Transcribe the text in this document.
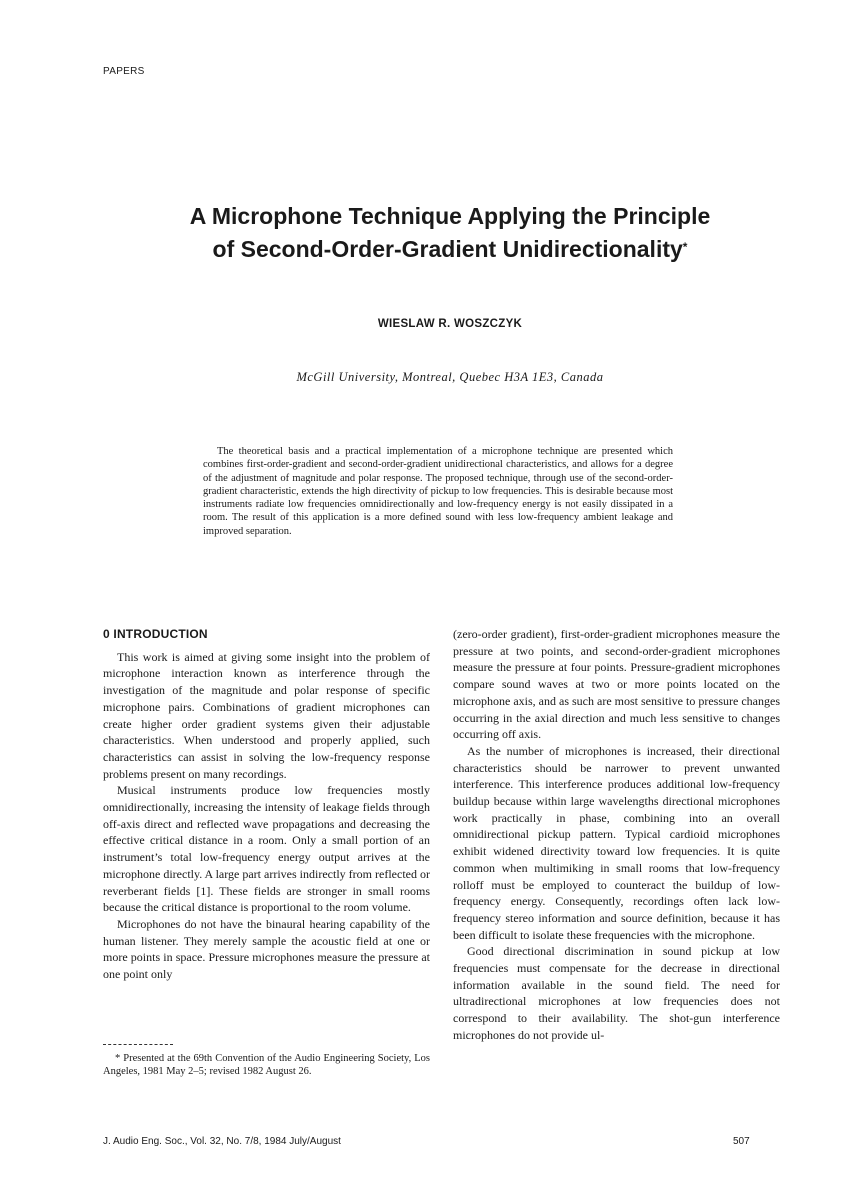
PAPERS
A Microphone Technique Applying the Principle
of Second-Order-Gradient Unidirectionality*
WIESLAW R. WOSZCZYK
McGill University, Montreal, Quebec H3A 1E3, Canada

The theoretical basis and a practical implementation of a microphone technique are presented which combines first-order-gradient and second-order-gradient unidirectional characteristics, and allows for a degree of the adjustment of magnitude and polar response. The proposed technique, through use of the second-order-gradient characteristic, extends the high directivity of pickup to low frequencies. This is desirable because most instruments radiate low frequencies omnidirectionally and low-frequency energy is not easily dissipated in a room. The result of this application is a more defined sound with less low-frequency ambient leakage and improved separation.

0 INTRODUCTION

This work is aimed at giving some insight into the problem of microphone interaction known as interference through the investigation of the magnitude and polar response of specific microphone pairs. Combinations of gradient microphones can create higher order gradient systems given their adjustable characteristics. When understood and properly applied, such characteristics can assist in solving the low-frequency response problems present on many recordings.

Musical instruments produce low frequencies mostly omnidirectionally, increasing the intensity of leakage fields through off-axis direct and reflected wave propagations and decreasing the effective critical distance in a room. Only a small portion of an instrument’s total low-frequency energy output arrives at the microphone directly. A large part arrives indirectly from reflected or reverberant fields [1]. These fields are stronger in small rooms because the critical distance is proportional to the room volume.

Microphones do not have the binaural hearing capability of the human listener. They merely sample the acoustic field at one or more points in space. Pressure microphones measure the pressure at one point only

(zero-order gradient), first-order-gradient microphones measure the pressure at two points, and second-order-gradient microphones measure the pressure at four points. Pressure-gradient microphones compare sound waves at two or more points located on the microphone axis, and as such are most sensitive to pressure changes occurring in the axial direction and much less sensitive to changes occurring off axis.

As the number of microphones is increased, their directional characteristics should be narrower to prevent unwanted interference. This interference produces additional low-frequency buildup because within large wavelengths directional microphones work practically in phase, combining into an overall omnidirectional pickup pattern. Typical cardioid microphones exhibit widened directivity toward low frequencies. It is quite common when multimiking in small rooms that low-frequency rolloff must be employed to counteract the buildup of low-frequency energy. Consequently, recordings often lack low-frequency stereo information and source definition, because it has been difficult to isolate these frequencies with the microphone.

Good directional discrimination in sound pickup at low frequencies must compensate for the decrease in directional information available in the sound field. The need for ultradirectional microphones at low frequencies does not correspond to their availability. The shot-gun interference microphones do not provide ul-

* Presented at the 69th Convention of the Audio Engineering Society, Los Angeles, 1981 May 2–5; revised 1982 August 26.

J. Audio Eng. Soc., Vol. 32, No. 7/8, 1984 July/August	507
